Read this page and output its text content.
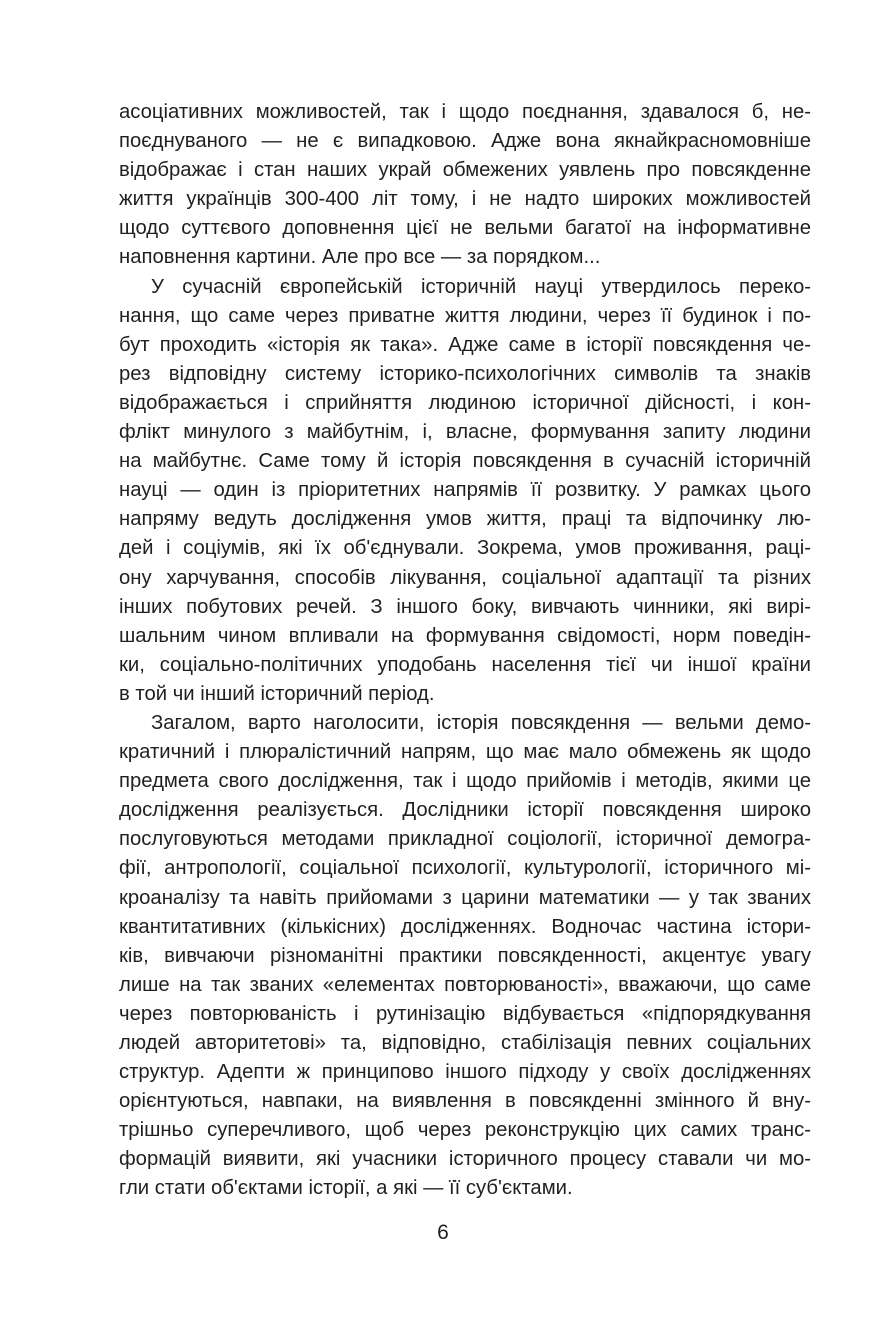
асоціативних можливостей, так і щодо поєднання, здавалося б, не-
поєднуваного — не є випадковою. Адже вона якнайкрасномовніше
відображає і стан наших украй обмежених уявлень про повсякденне
життя українців 300-400 літ тому, і не надто широких можливостей
щодо суттєвого доповнення цієї не вельми багатої на інформативне
наповнення картини. Але про все — за порядком...
У сучасній європейській історичній науці утвердилось переко-
нання, що саме через приватне життя людини, через її будинок і по-
бут проходить «історія як така». Адже саме в історії повсякдення че-
рез відповідну систему історико-психологічних символів та знаків
відображається і сприйняття людиною історичної дійсності, і кон-
флікт минулого з майбутнім, і, власне, формування запиту людини
на майбутнє. Саме тому й історія повсякдення в сучасній історичній
науці — один із пріоритетних напрямів її розвитку. У рамках цього
напряму ведуть дослідження умов життя, праці та відпочинку лю-
дей і соціумів, які їх об'єднували. Зокрема, умов проживання, раці-
ону харчування, способів лікування, соціальної адаптації та різних
інших побутових речей. З іншого боку, вивчають чинники, які вирі-
шальним чином впливали на формування свідомості, норм поведін-
ки, соціально-політичних уподобань населення тієї чи іншої країни
в той чи інший історичний період.
Загалом, варто наголосити, історія повсякдення — вельми демо-
кратичний і плюралістичний напрям, що має мало обмежень як щодо
предмета свого дослідження, так і щодо прийомів і методів, якими це
дослідження реалізується. Дослідники історії повсякдення широко
послуговуються методами прикладної соціології, історичної демогра-
фії, антропології, соціальної психології, культурології, історичного мі-
кроаналізу та навіть прийомами з царини математики — у так званих
квантитативних (кількісних) дослідженнях. Водночас частина істори-
ків, вивчаючи різноманітні практики повсякденності, акцентує увагу
лише на так званих «елементах повторюваності», вважаючи, що саме
через повторюваність і рутинізацію відбувається «підпорядкування
людей авторитетові» та, відповідно, стабілізація певних соціальних
структур. Адепти ж принципово іншого підходу у своїх дослідженнях
орієнтуються, навпаки, на виявлення в повсякденні змінного й вну-
трішньо суперечливого, щоб через реконструкцію цих самих транс-
формацій виявити, які учасники історичного процесу ставали чи мо-
гли стати об'єктами історії, а які — її суб'єктами.
6
